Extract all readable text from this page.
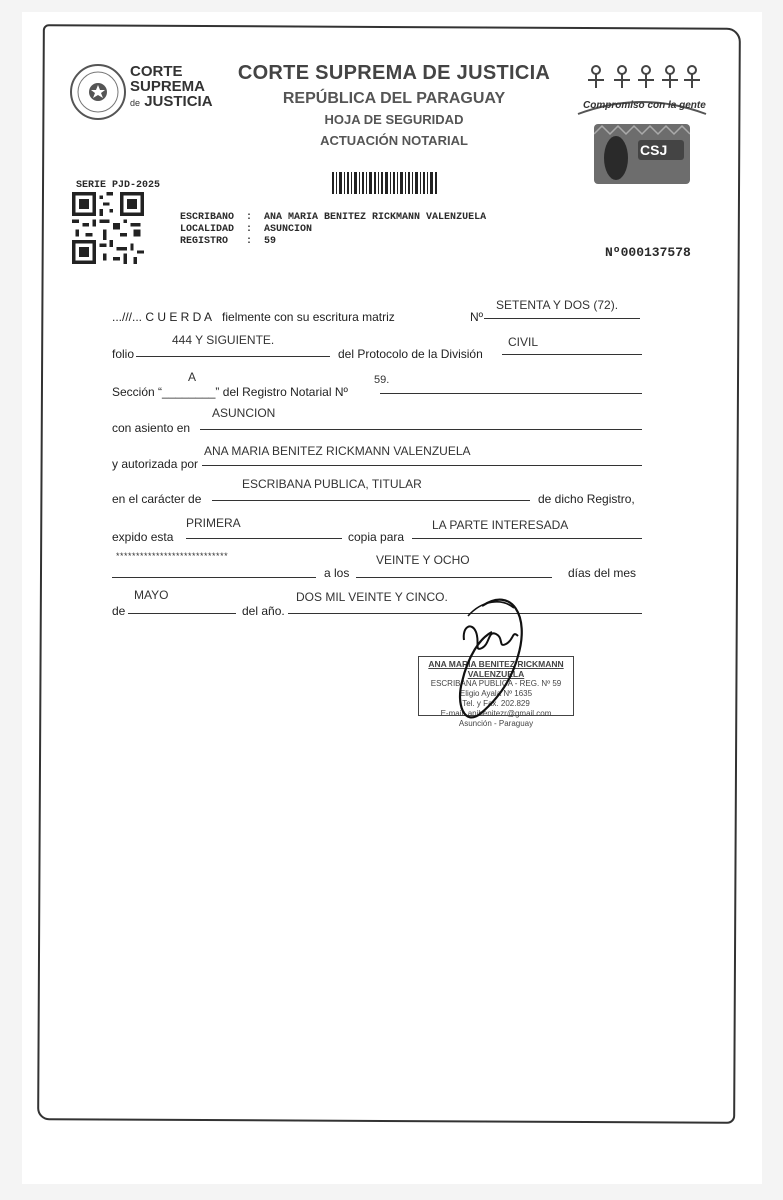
CORTE
SUPREMA
de JUSTICIA
CORTE SUPREMA DE JUSTICIA
REPÚBLICA DEL PARAGUAY
HOJA DE SEGURIDAD
ACTUACIÓN NOTARIAL
Compromiso con la gente
CSJ
SERIE PJD-2025
ESCRIBANO  :  ANA MARIA BENITEZ RICKMANN VALENZUELA
LOCALIDAD  :  ASUNCION
REGISTRO   :  59
Nº000137578
...///... C U E R D A fielmente con su escritura matriz	Nº
SETENTA Y DOS (72).
folio
444 Y SIGUIENTE.
del Protocolo de la División
CIVIL
Sección “________” del Registro Notarial Nº
A	59.
con asiento en
ASUNCION
y autorizada por
ANA MARIA BENITEZ RICKMANN VALENZUELA
en el carácter de
ESCRIBANA PUBLICA, TITULAR
de dicho Registro,
expido esta
PRIMERA
copia para
LA PARTE INTERESADA
****************************
a los
VEINTE Y OCHO
días del mes
de
MAYO
del año.
DOS MIL VEINTE Y CINCO.
ANA MARIA BENITEZ RICKMANN VALENZUELA
ESCRIBANA PUBLICA - REG. Nº 59
Eligio Ayala Nº 1635
Tel. y Fax. 202.829
E-mail: anibenitezr@gmail.com
Asunción - Paraguay
